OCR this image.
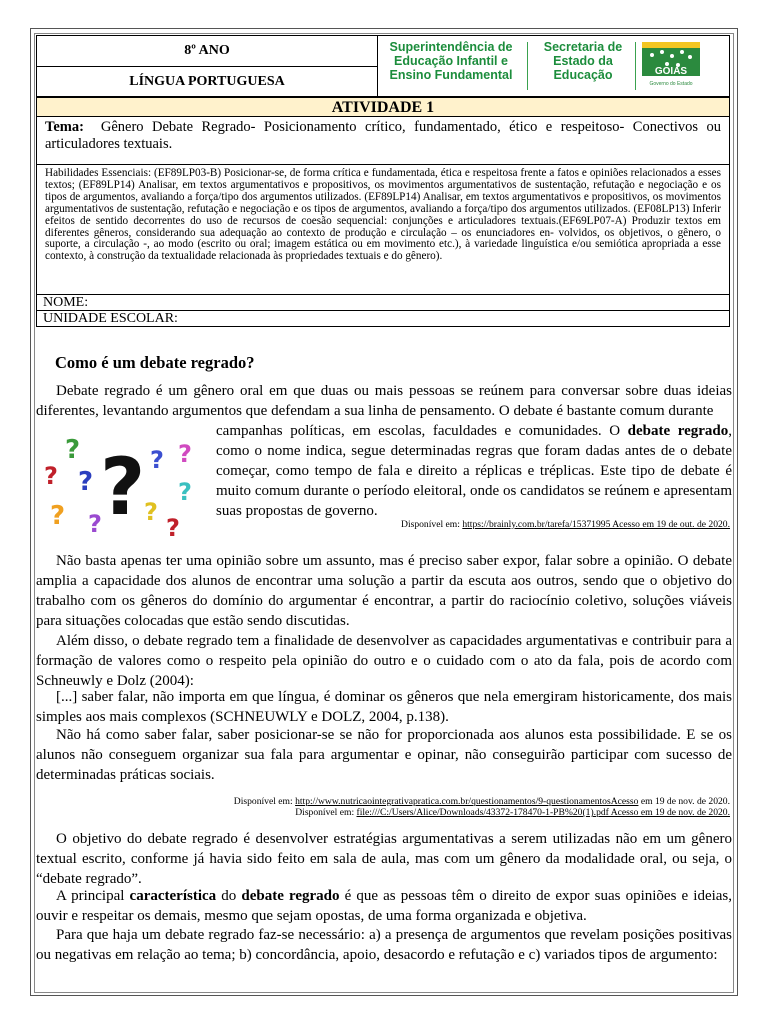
8º ANO
LÍNGUA PORTUGUESA
Superintendência de
Educação Infantil e
Ensino Fundamental
Secretaria de
Estado da
Educação	GOIÁS
Governo do Estado
ATIVIDADE 1
Tema: Gênero Debate Regrado- Posicionamento crítico, fundamentado, ético e respeitoso- Conectivos ou articuladores textuais.
Habilidades Essenciais: (EF89LP03-B) Posicionar-se, de forma crítica e fundamentada, ética e respeitosa frente a fatos e opiniões relacionados a esses textos; (EF89LP14) Analisar, em textos argumentativos e propositivos, os movimentos argumentativos de sustentação, refutação e negociação e os tipos de argumentos, avaliando a força/tipo dos argumentos utilizados. (EF89LP14) Analisar, em textos argumentativos e propositivos, os movimentos argumentativos de sustentação, refutação e negociação e os tipos de argumentos, avaliando a força/tipo dos argumentos utilizados. (EF08LP13) Inferir efeitos de sentido decorrentes do uso de recursos de coesão sequencial: conjunções e articuladores textuais.(EF69LP07-A) Produzir textos em diferentes gêneros, considerando sua adequação ao contexto de produção e circulação – os enunciadores en- volvidos, os objetivos, o gênero, o suporte, a circulação -, ao modo (escrito ou oral; imagem estática ou em movimento etc.), à variedade linguística e/ou semiótica apropriada a esse contexto, à construção da textualidade relacionada às propriedades textuais e do gênero).
NOME:
UNIDADE ESCOLAR:
Como é um debate regrado?
Debate regrado é um gênero oral em que duas ou mais pessoas se reúnem para conversar sobre duas ideias diferentes, levantando argumentos que defendam a sua linha de pensamento. O debate é bastante comum durante
?
? ? ? ? ?
?
? ? ?
?
campanhas políticas, em escolas, faculdades e comunidades. O debate regrado, como o nome indica, segue determinadas regras que foram dadas antes de o debate começar, como tempo de fala e direito a réplicas e tréplicas. Este tipo de debate é muito comum durante o período eleitoral, onde os candidatos se reúnem e apresentam suas propostas de governo.
Disponível em: https://brainly.com.br/tarefa/15371995 Acesso em 19 de out. de 2020.
Não basta apenas ter uma opinião sobre um assunto, mas é preciso saber expor, falar sobre a opinião. O debate amplia a capacidade dos alunos de encontrar uma solução a partir da escuta aos outros, sendo que o objetivo do trabalho com os gêneros do domínio do argumentar é encontrar, a partir do raciocínio coletivo, soluções viáveis para situações colocadas que estão sendo discutidas.
Além disso, o debate regrado tem a finalidade de desenvolver as capacidades argumentativas e contribuir para a formação de valores como o respeito pela opinião do outro e o cuidado com o ato da fala, pois de acordo com Schneuwly e Dolz (2004):
[...] saber falar, não importa em que língua, é dominar os gêneros que nela emergiram historicamente, dos mais simples aos mais complexos (SCHNEUWLY e DOLZ, 2004, p.138).
Não há como saber falar, saber posicionar-se se não for proporcionada aos alunos esta possibilidade. E se os alunos não conseguem organizar sua fala para argumentar e opinar, não conseguirão participar com sucesso de determinadas práticas sociais.
Disponível em: http://www.nutricaointegrativapratica.com.br/questionamentos/9-questionamentosAcesso em 19 de nov. de 2020.
Disponível em: file:///C:/Users/Alice/Downloads/43372-178470-1-PB%20(1).pdf Acesso em 19 de nov. de 2020.
O objetivo do debate regrado é desenvolver estratégias argumentativas a serem utilizadas não em um gênero textual escrito, conforme já havia sido feito em sala de aula, mas com um gênero da modalidade oral, ou seja, o “debate regrado”.
A principal característica do debate regrado é que as pessoas têm o direito de expor suas opiniões e ideias, ouvir e respeitar os demais, mesmo que sejam opostas, de uma forma organizada e objetiva.
Para que haja um debate regrado faz-se necessário: a) a presença de argumentos que revelam posições positivas ou negativas em relação ao tema; b) concordância, apoio, desacordo e refutação e c) variados tipos de argumento:
